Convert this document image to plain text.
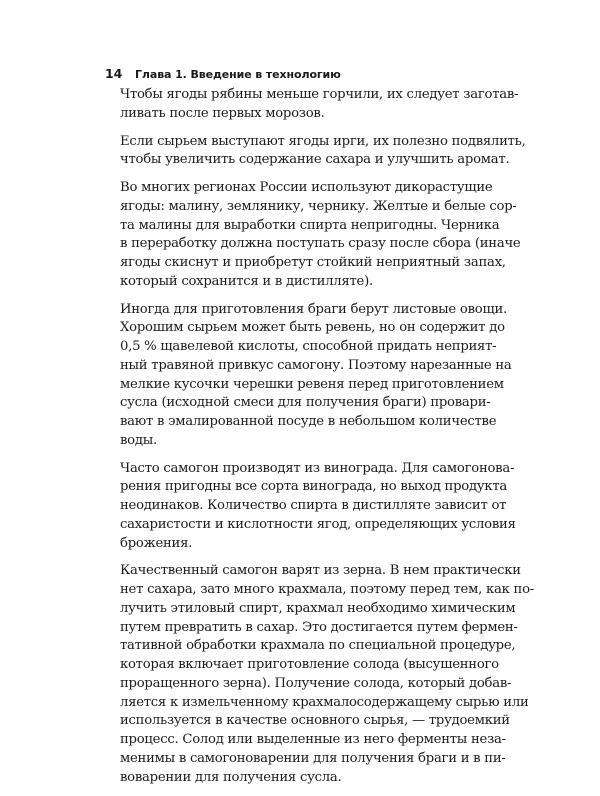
14	Глава 1. Введение в технологию
Чтобы ягоды рябины меньше горчили, их следует заготав-
ливать после первых морозов.
Если сырьем выступают ягоды ирги, их полезно подвялить,
чтобы увеличить содержание сахара и улучшить аромат.
Во многих регионах России используют дикорастущие
ягоды: малину, землянику, чернику. Желтые и белые сор-
та малины для выработки спирта непригодны. Черника
в переработку должна поступать сразу после сбора (иначе
ягоды скиснут и приобретут стойкий неприятный запах,
который сохранится и в дистилляте).
Иногда для приготовления браги берут листовые овощи.
Хорошим сырьем может быть ревень, но он содержит до
0,5 % щавелевой кислоты, способной придать неприят-
ный травяной привкус самогону. Поэтому нарезанные на
мелкие кусочки черешки ревеня перед приготовлением
сусла (исходной смеси для получения браги) провари-
вают в эмалированной посуде в небольшом количестве
воды.
Часто самогон производят из винограда. Для самогонова-
рения пригодны все сорта винограда, но выход продукта
неодинаков. Количество спирта в дистилляте зависит от
сахаристости и кислотности ягод, определяющих условия
брожения.
Качественный самогон варят из зерна. В нем практически
нет сахара, зато много крахмала, поэтому перед тем, как по-
лучить этиловый спирт, крахмал необходимо химическим
путем превратить в сахар. Это достигается путем фермен-
тативной обработки крахмала по специальной процедуре,
которая включает приготовление солода (высушенного
проращенного зерна). Получение солода, который добав-
ляется к измельченному крахмалосодержащему сырью или
используется в качестве основного сырья, — трудоемкий
процесс. Солод или выделенные из него ферменты неза-
менимы в самогоноварении для получения браги и в пи-
воварении для получения сусла.
